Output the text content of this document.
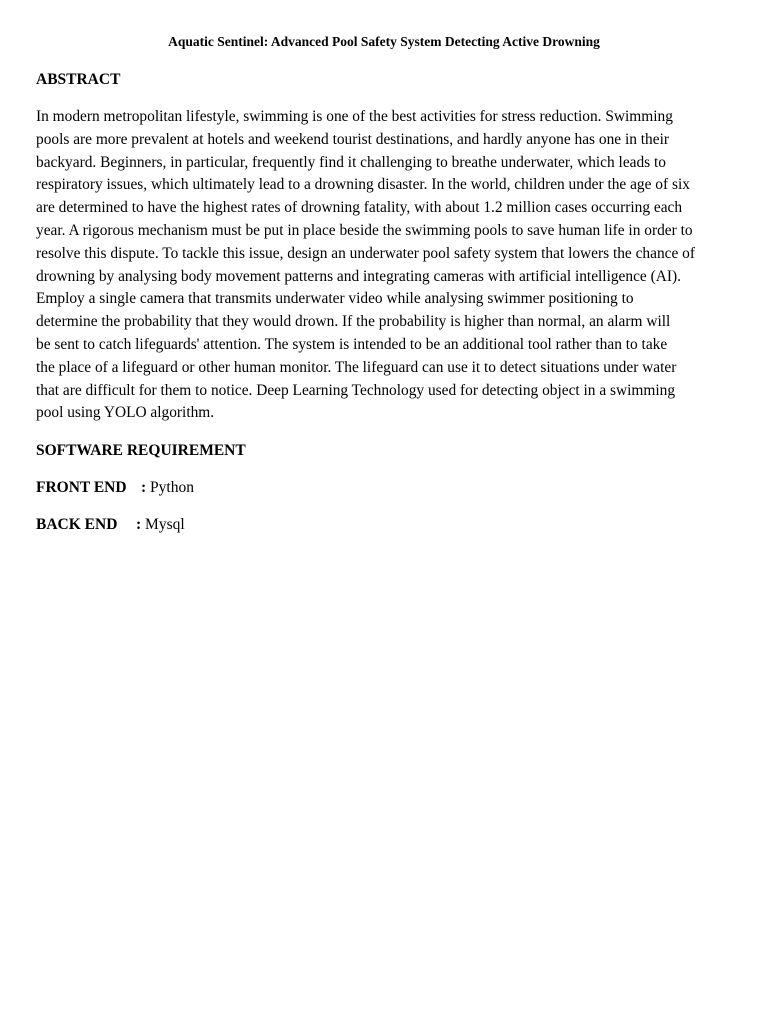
Aquatic Sentinel: Advanced Pool Safety System Detecting Active Drowning
ABSTRACT
In modern metropolitan lifestyle, swimming is one of the best activities for stress reduction. Swimming
pools are more prevalent at hotels and weekend tourist destinations, and hardly anyone has one in their
backyard. Beginners, in particular, frequently find it challenging to breathe underwater, which leads to
respiratory issues, which ultimately lead to a drowning disaster. In the world, children under the age of six
are determined to have the highest rates of drowning fatality, with about 1.2 million cases occurring each
year. A rigorous mechanism must be put in place beside the swimming pools to save human life in order to
resolve this dispute. To tackle this issue, design an underwater pool safety system that lowers the chance of
drowning by analysing body movement patterns and integrating cameras with artificial intelligence (AI).
Employ a single camera that transmits underwater video while analysing swimmer positioning to
determine the probability that they would drown. If the probability is higher than normal, an alarm will
be sent to catch lifeguards' attention. The system is intended to be an additional tool rather than to take
the place of a lifeguard or other human monitor. The lifeguard can use it to detect situations under water
that are difficult for them to notice. Deep Learning Technology used for detecting object in a swimming
pool using YOLO algorithm.
SOFTWARE REQUIREMENT
FRONT END : Python
BACK END : Mysql
